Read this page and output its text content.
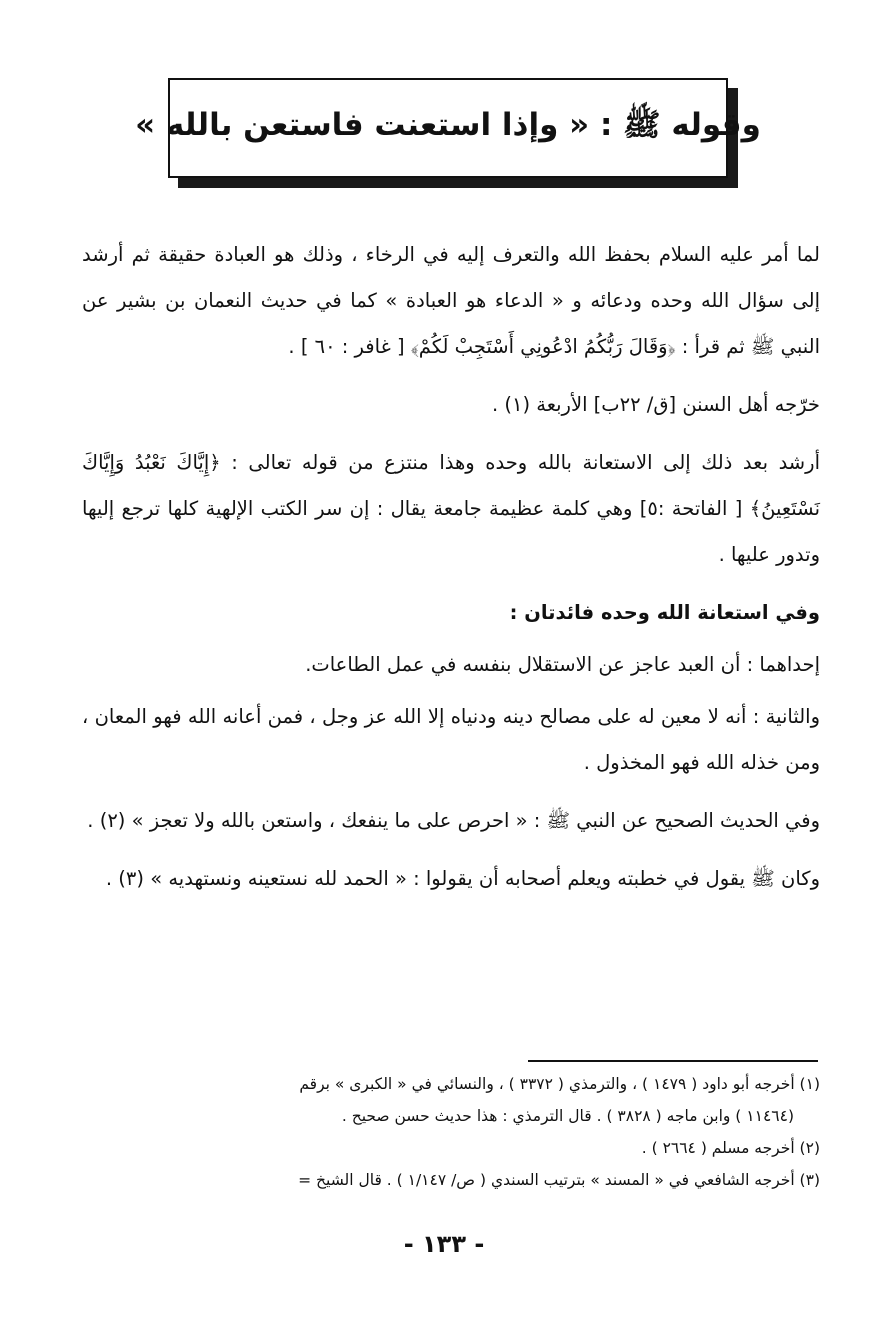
وقوله ﷺ : « وإذا استعنت فاستعن بالله »

لما أمر عليه السلام بحفظ الله والتعرف إليه في الرخاء ، وذلك هو العبادة حقيقة ثم أرشد إلى سؤال الله وحده ودعائه و « الدعاء هو العبادة » كما في حديث النعمان بن بشير عن النبي ﷺ ثم قرأ : ﴿وَقَالَ رَبُّكُمُ ادْعُونِي أَسْتَجِبْ لَكُمْ﴾ [ غافر : ٦٠ ] .

خرّجه أهل السنن [ق/ ٢٢ب] الأربعة (١) .

أرشد بعد ذلك إلى الاستعانة بالله وحده وهذا منتزع من قوله تعالى : ﴿إِيَّاكَ نَعْبُدُ وَإِيَّاكَ نَسْتَعِينُ﴾ [ الفاتحة :٥] وهي كلمة عظيمة جامعة يقال : إن سر الكتب الإلهية كلها ترجع إليها وتدور عليها .

وفي استعانة الله وحده فائدتان :

إحداهما : أن العبد عاجز عن الاستقلال بنفسه في عمل الطاعات.

والثانية : أنه لا معين له على مصالح دينه ودنياه إلا الله عز وجل ، فمن أعانه الله فهو المعان ، ومن خذله الله فهو المخذول .

وفي الحديث الصحيح عن النبي ﷺ : « احرص على ما ينفعك ، واستعن بالله ولا تعجز » (٢) .

وكان ﷺ يقول في خطبته ويعلم أصحابه أن يقولوا : « الحمد لله نستعينه ونستهديه » (٣) .

(١) أخرجه أبو داود ( ١٤٧٩ ) ، والترمذي ( ٣٣٧٢ ) ، والنسائي في « الكبرى » برقم

(١١٤٦٤ ) وابن ماجه ( ٣٨٢٨ ) . قال الترمذي : هذا حديث حسن صحيح .

(٢) أخرجه مسلم ( ٢٦٦٤ ) .

(٣) أخرجه الشافعي في « المسند » بترتيب السندي ( ص/ ١/١٤٧ ) . قال الشيخ =

- ١٣٣ -
